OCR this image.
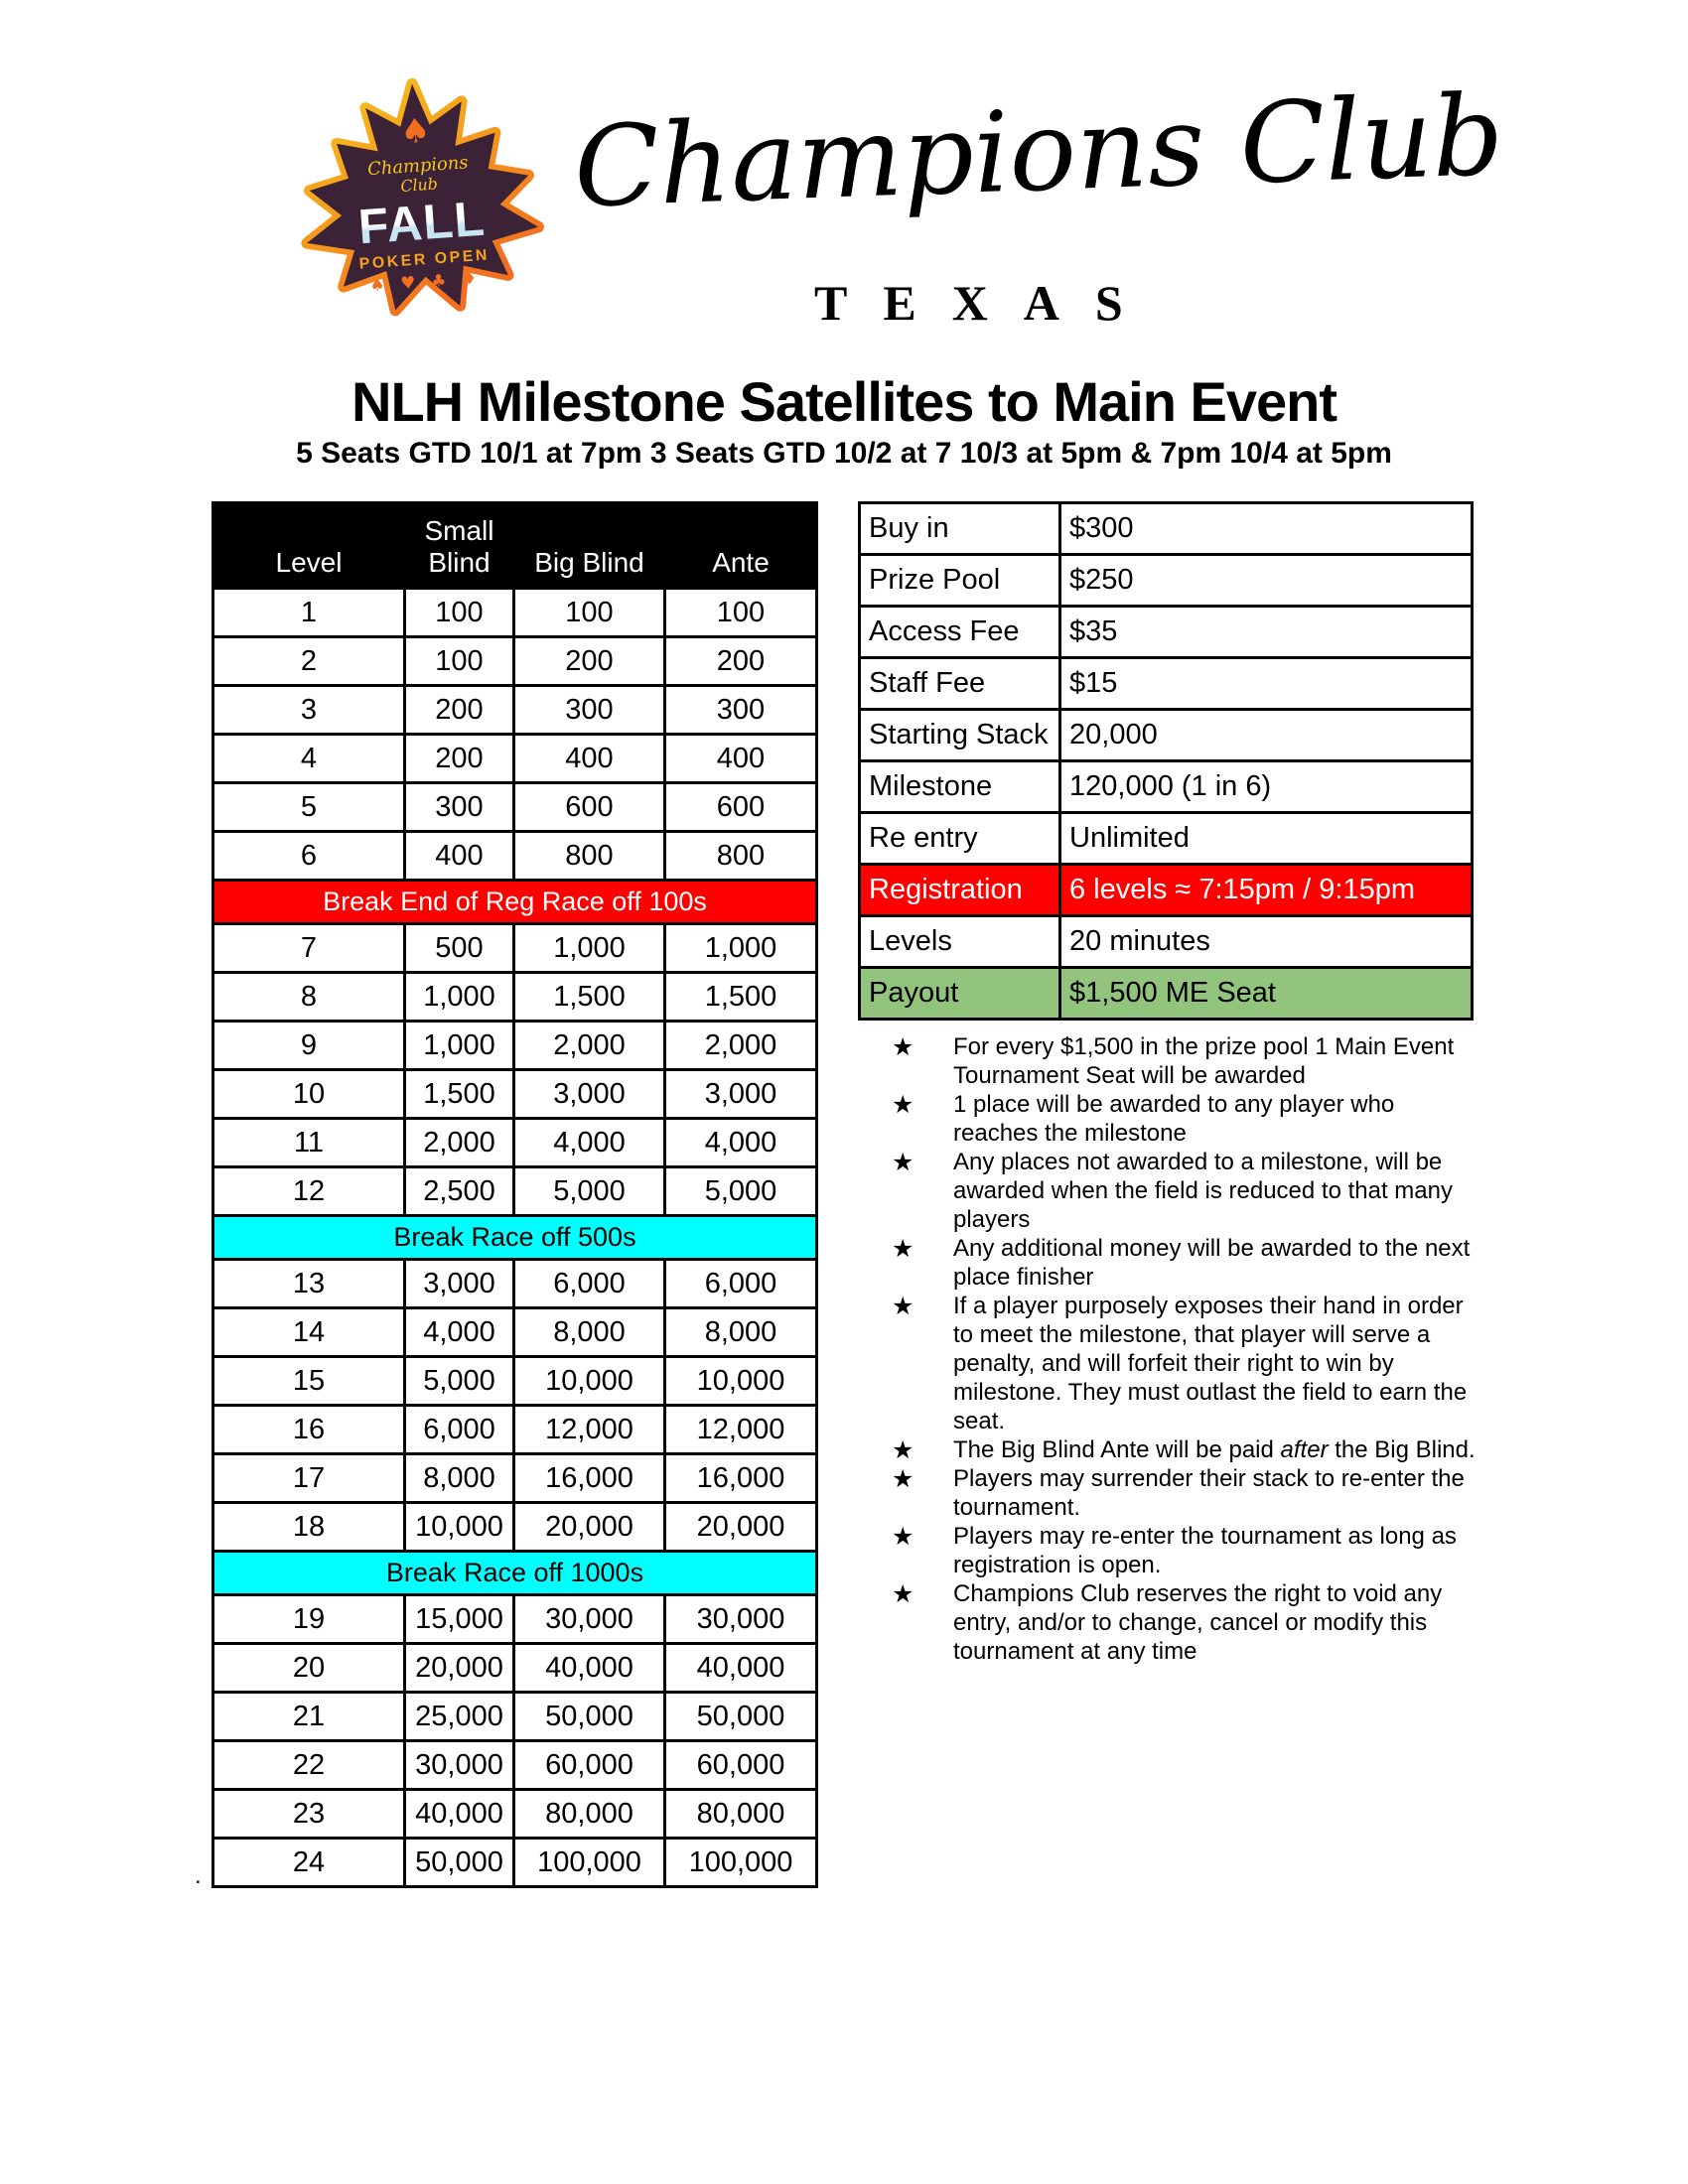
♠
Champions
Club
FALL
POKER OPEN
♠ ♥ ♣ ♦
Champions Club
TEXAS
NLH Milestone Satellites to Main Event
5 Seats GTD 10/1 at 7pm 3 Seats GTD 10/2 at 7 10/3 at 5pm & 7pm 10/4 at 5pm
Level	Small Blind	Big Blind	Ante
1	100	100	100
2	100	200	200
3	200	300	300
4	200	400	400
5	300	600	600
6	400	800	800
Break End of Reg Race off 100s			
7	500	1,000	1,000
8	1,000	1,500	1,500
9	1,000	2,000	2,000
10	1,500	3,000	3,000
11	2,000	4,000	4,000
12	2,500	5,000	5,000
Break Race off 500s			
13	3,000	6,000	6,000
14	4,000	8,000	8,000
15	5,000	10,000	10,000
16	6,000	12,000	12,000
17	8,000	16,000	16,000
18	10,000	20,000	20,000
Break Race off 1000s			
19	15,000	30,000	30,000
20	20,000	40,000	40,000
21	25,000	50,000	50,000
22	30,000	60,000	60,000
23	40,000	80,000	80,000
24	50,000	100,000	100,000
Buy in	$300
Prize Pool	$250
Access Fee	$35
Staff Fee	$15
Starting Stack	20,000
Milestone	120,000 (1 in 6)
Re entry	Unlimited
Registration	6 levels ≈ 7:15pm / 9:15pm
Levels	20 minutes
Payout	$1,500 ME Seat
★	For every $1,500 in the prize pool 1 Main Event Tournament Seat will be awarded
★	1 place will be awarded to any player who reaches the milestone
★	Any places not awarded to a milestone, will be awarded when the field is reduced to that many players
★	Any additional money will be awarded to the next place finisher
★	If a player purposely exposes their hand in order to meet the milestone, that player will serve a penalty, and will forfeit their right to win by milestone. They must outlast the field to earn the seat.
★	The Big Blind Ante will be paid after the Big Blind.
★	Players may surrender their stack to re-enter the tournament.
★	Players may re-enter the tournament as long as registration is open.
★	Champions Club reserves the right to void any entry, and/or to change, cancel or modify this tournament at any time
.
